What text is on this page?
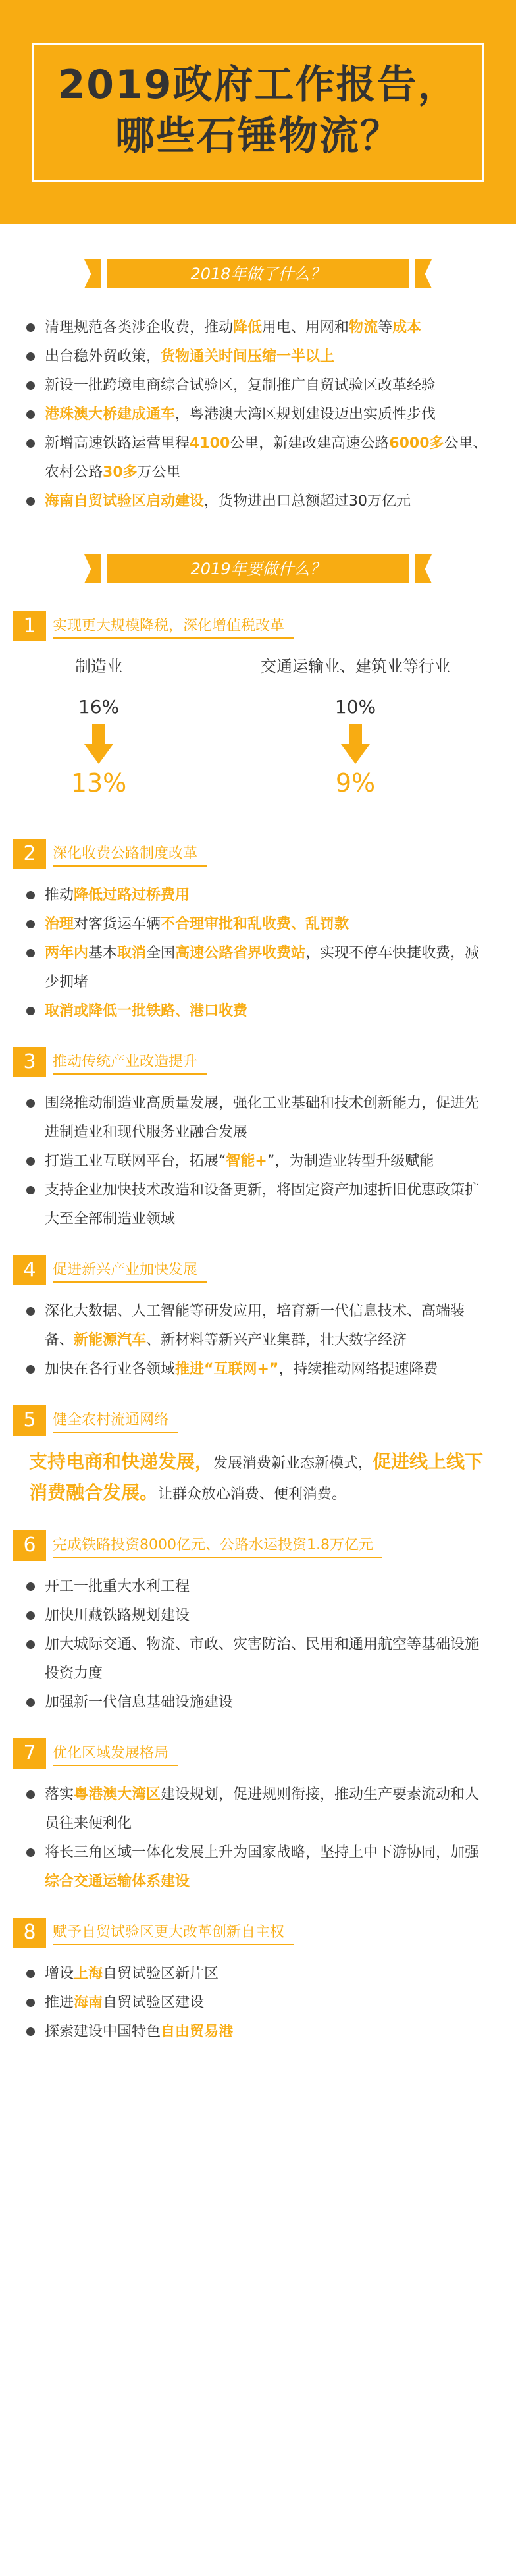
2019政府工作报告，
哪些石锤物流？
2018年做了什么？
清理规范各类涉企收费，推动降低用电、用网和物流等成本
出台稳外贸政策，货物通关时间压缩一半以上
新设一批跨境电商综合试验区，复制推广自贸试验区改革经验
港珠澳大桥建成通车，粤港澳大湾区规划建设迈出实质性步伐
新增高速铁路运营里程4100公里，新建改建高速公路6000多公里、农村公路30多万公里
海南自贸试验区启动建设，货物进出口总额超过30万亿元
2019年要做什么？
1	实现更大规模降税，深化增值税改革
制造业
16%
13%
交通运输业、建筑业等行业
10%
9%
2	深化收费公路制度改革
推动降低过路过桥费用
治理对客货运车辆不合理审批和乱收费、乱罚款
两年内基本取消全国高速公路省界收费站，实现不停车快捷收费，减少拥堵
取消或降低一批铁路、港口收费
3	推动传统产业改造提升
围绕推动制造业高质量发展，强化工业基础和技术创新能力，促进先进制造业和现代服务业融合发展
打造工业互联网平台，拓展“智能+”，为制造业转型升级赋能
支持企业加快技术改造和设备更新，将固定资产加速折旧优惠政策扩大至全部制造业领域
4	促进新兴产业加快发展
深化大数据、人工智能等研发应用，培育新一代信息技术、高端装备、新能源汽车、新材料等新兴产业集群，壮大数字经济
加快在各行业各领域推进“互联网+”，持续推动网络提速降费
5	健全农村流通网络
支持电商和快递发展，发展消费新业态新模式，促进线上线下消费融合发展。让群众放心消费、便利消费。
6	完成铁路投资8000亿元、公路水运投资1.8万亿元
开工一批重大水利工程
加快川藏铁路规划建设
加大城际交通、物流、市政、灾害防治、民用和通用航空等基础设施投资力度
加强新一代信息基础设施建设
7	优化区域发展格局
落实粤港澳大湾区建设规划，促进规则衔接，推动生产要素流动和人员往来便利化
将长三角区域一体化发展上升为国家战略，坚持上中下游协同，加强综合交通运输体系建设
8	赋予自贸试验区更大改革创新自主权
增设上海自贸试验区新片区
推进海南自贸试验区建设
探索建设中国特色自由贸易港
